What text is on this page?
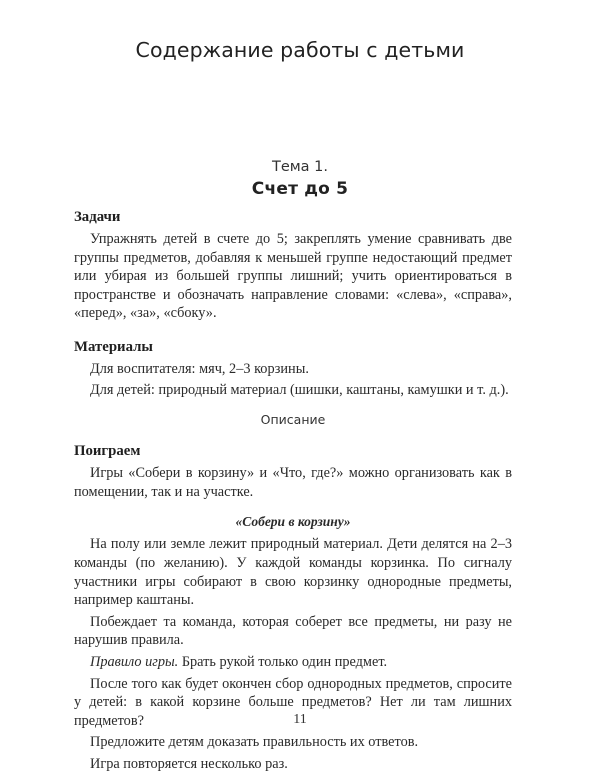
Содержание работы с детьми
Тема 1.
Счет до 5
Задачи

Упражнять детей в счете до 5; закреплять умение сравнивать две группы предметов, добавляя к меньшей группе недостающий предмет или убирая из большей группы лишний; учить ориентироваться в пространстве и обозначать направление словами: «слева», «справа», «перед», «за», «сбоку».

Материалы

Для воспитателя: мяч, 2–3 корзины.

Для детей: природный материал (шишки, каштаны, камушки и т. д.).

Описание
Поиграем

Игры «Собери в корзину» и «Что, где?» можно организовать как в помещении, так и на участке.

«Собери в корзину»

На полу или земле лежит природный материал. Дети делятся на 2–3 команды (по желанию). У каждой команды корзинка. По сигналу участники игры собирают в свою корзинку однородные предметы, например каштаны.

Побеждает та команда, которая соберет все предметы, ни разу не нарушив правила.

Правило игры. Брать рукой только один предмет.

После того как будет окончен сбор однородных предметов, спросите у детей: в какой корзине больше предметов? Нет ли там лишних предметов?

Предложите детям доказать правильность их ответов.

Игра повторяется несколько раз.

11
